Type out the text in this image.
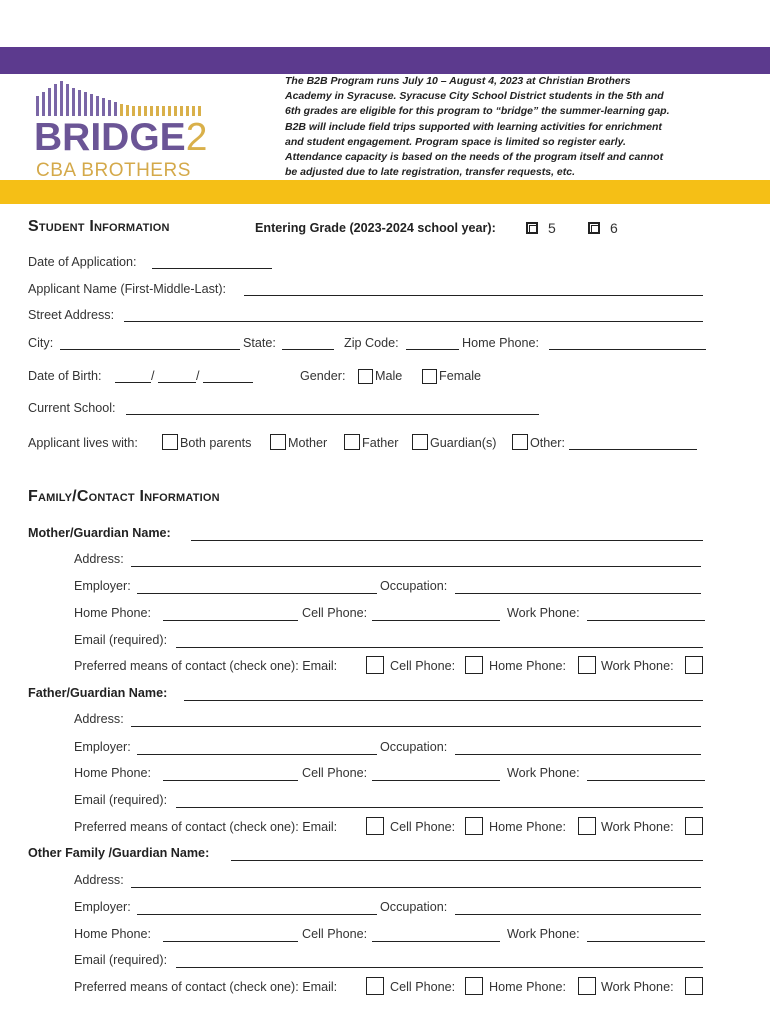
BRIDGE2
CBA BROTHERS

The B2B Program runs July 10 – August 4, 2023 at Christian Brothers

Academy in Syracuse. Syracuse City School District students in the 5th and

6th grades are eligible for this program to “bridge” the summer-learning gap.

B2B will include field trips supported with learning activities for enrichment

and student engagement. Program space is limited so register early.

Attendance capacity is based on the needs of the program itself and cannot

be adjusted due to late registration, transfer requests, etc.

Student Information	Entering Grade (2023-2024 school year):	5	6
Date of Application:
Applicant Name (First-Middle-Last):
Street Address:
City:	State:	Zip Code:	Home Phone:
Date of Birth:	/	/	Gender: Male	Female
Current School:
Applicant lives with:	Both parents	Mother	Father	Guardian(s)	Other:
Family/Contact Information
Mother/Guardian Name:
Address:
Employer:	Occupation:
Home Phone:	Cell Phone:	Work Phone:
Email (required):
Preferred means of contact (check one): Email:	Cell Phone:	Home Phone:	Work Phone:
Father/Guardian Name:
Address:
Employer:	Occupation:
Home Phone:	Cell Phone:	Work Phone:
Email (required):
Preferred means of contact (check one): Email:	Cell Phone:	Home Phone:	Work Phone:
Other Family /Guardian Name:
Address:
Employer:	Occupation:
Home Phone:	Cell Phone:	Work Phone:
Email (required):
Preferred means of contact (check one): Email:	Cell Phone:	Home Phone:	Work Phone:
